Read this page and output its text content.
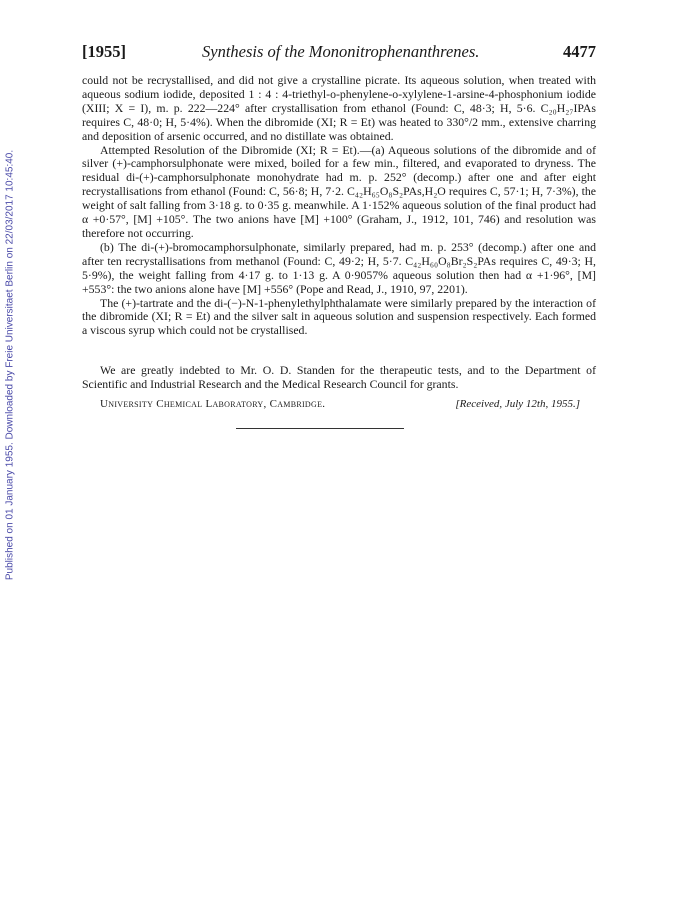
Published on 01 January 1955. Downloaded by Freie Universitaet Berlin on 22/03/2017 10:45:40.
[1955]	Synthesis of the Mononitrophenanthrenes.	4477

could not be recrystallised, and did not give a crystalline picrate. Its aqueous solution, when treated with aqueous sodium iodide, deposited 1 : 4 : 4-triethyl-o-phenylene-o-xylylene-1-arsine-4-phosphonium iodide (XIII; X = I), m. p. 222—224° after crystallisation from ethanol (Found: C, 48·3; H, 5·6. C₂₀H₂₇IPAs requires C, 48·0; H, 5·4%). When the dibromide (XI; R = Et) was heated to 330°/2 mm., extensive charring and deposition of arsenic occurred, and no distillate was obtained.

Attempted Resolution of the Dibromide (XI; R = Et).—(a) Aqueous solutions of the dibromide and of silver (+)-camphorsulphonate were mixed, boiled for a few min., filtered, and evaporated to dryness. The residual di-(+)-camphorsulphonate monohydrate had m. p. 252° (decomp.) after one and after eight recrystallisations from ethanol (Found: C, 56·8; H, 7·2. C₄₂H₆₅O₈S₂PAs,H₂O requires C, 57·1; H, 7·3%), the weight of salt falling from 3·18 g. to 0·35 g. meanwhile. A 1·152% aqueous solution of the final product had α +0·57°, [M] +105°. The two anions have [M] +100° (Graham, J., 1912, 101, 746) and resolution was therefore not occurring.

(b) The di-(+)-bromocamphorsulphonate, similarly prepared, had m. p. 253° (decomp.) after one and after ten recrystallisations from methanol (Found: C, 49·2; H, 5·7. C₄₂H₆₀O₈Br₂S₂PAs requires C, 49·3; H, 5·9%), the weight falling from 4·17 g. to 1·13 g. A 0·9057% aqueous solution then had α +1·96°, [M] +553°: the two anions alone have [M] +556° (Pope and Read, J., 1910, 97, 2201).

The (+)-tartrate and the di-(−)-N-1-phenylethylphthalamate were similarly prepared by the interaction of the dibromide (XI; R = Et) and the silver salt in aqueous solution and suspension respectively. Each formed a viscous syrup which could not be crystallised.

We are greatly indebted to Mr. O. D. Standen for the therapeutic tests, and to the Department of Scientific and Industrial Research and the Medical Research Council for grants.

University Chemical Laboratory, Cambridge.	[Received, July 12th, 1955.]
